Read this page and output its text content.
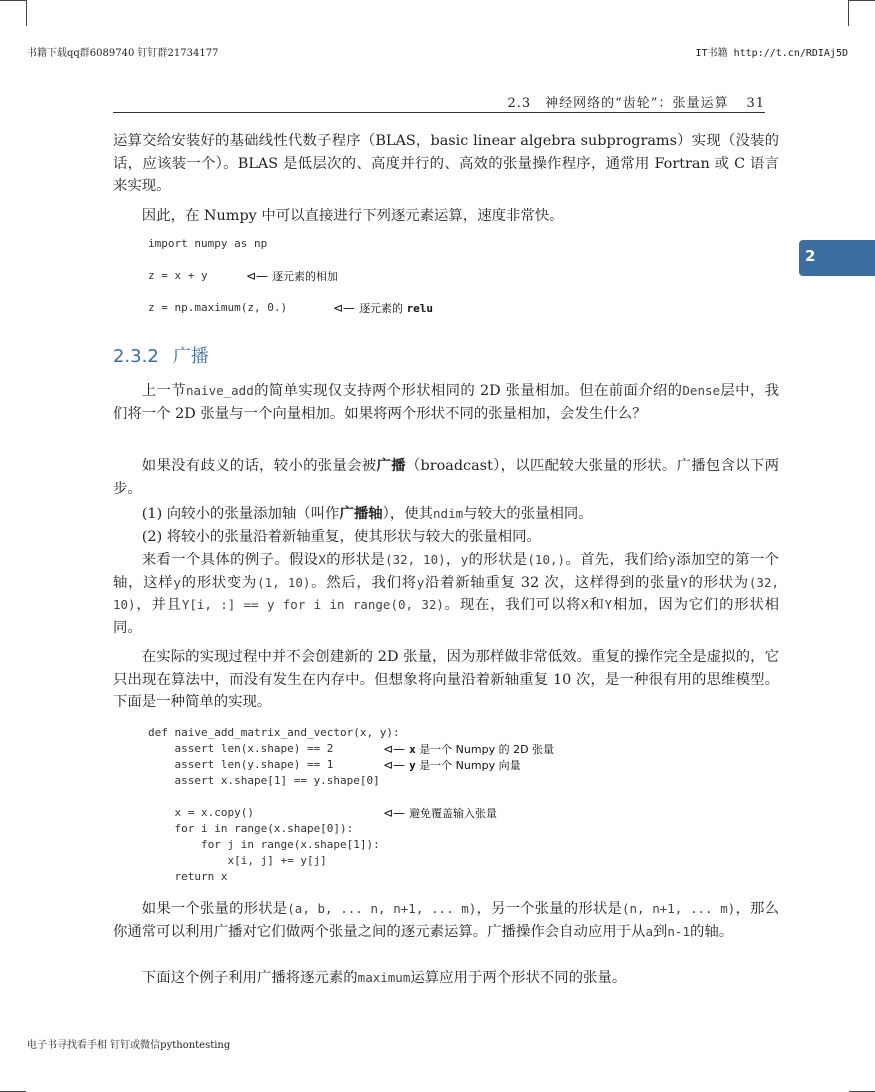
书籍下载qq群6089740 钉钉群21734177	IT书籍 http://t.cn/RDIAj5D
2.3　神经网络的“齿轮”：张量运算 31
2
运算交给安装好的基础线性代数子程序（BLAS，basic linear algebra subprograms）实现（没装的话，应该装一个）。BLAS 是低层次的、高度并行的、高效的张量操作程序，通常用 Fortran 或 C 语言来实现。
因此，在 Numpy 中可以直接进行下列逐元素运算，速度非常快。
import numpy as np
z = x + y	⊲— 逐元素的相加
z = np.maximum(z, 0.)	⊲— 逐元素的 relu
2.3.2 广播
上一节naive_add的简单实现仅支持两个形状相同的 2D 张量相加。但在前面介绍的Dense层中，我们将一个 2D 张量与一个向量相加。如果将两个形状不同的张量相加，会发生什么？
如果没有歧义的话，较小的张量会被广播（broadcast），以匹配较大张量的形状。广播包含以下两步。
(1) 向较小的张量添加轴（叫作广播轴），使其ndim与较大的张量相同。
(2) 将较小的张量沿着新轴重复，使其形状与较大的张量相同。
来看一个具体的例子。假设X的形状是(32, 10)，y的形状是(10,)。首先，我们给y添加空的第一个轴，这样y的形状变为(1, 10)。然后，我们将y沿着新轴重复 32 次，这样得到的张量Y的形状为(32, 10)，并且Y[i, :] == y for i in range(0, 32)。现在，我们可以将X和Y相加，因为它们的形状相同。
在实际的实现过程中并不会创建新的 2D 张量，因为那样做非常低效。重复的操作完全是虚拟的，它只出现在算法中，而没有发生在内存中。但想象将向量沿着新轴重复 10 次，是一种很有用的思维模型。下面是一种简单的实现。
def naive_add_matrix_and_vector(x, y):
assert len(x.shape) == 2	⊲— x 是一个 Numpy 的 2D 张量
assert len(y.shape) == 1	⊲— y 是一个 Numpy 向量
assert x.shape[1] == y.shape[0]
x = x.copy()	⊲— 避免覆盖输入张量
for i in range(x.shape[0]):
for j in range(x.shape[1]):
x[i, j] += y[j]
return x
如果一个张量的形状是(a, b, ... n, n+1, ... m)，另一个张量的形状是(n, n+1, ... m)，那么你通常可以利用广播对它们做两个张量之间的逐元素运算。广播操作会自动应用于从a到n-1的轴。
下面这个例子利用广播将逐元素的maximum运算应用于两个形状不同的张量。
电子书寻找看手相 钉钉或微信pythontesting
